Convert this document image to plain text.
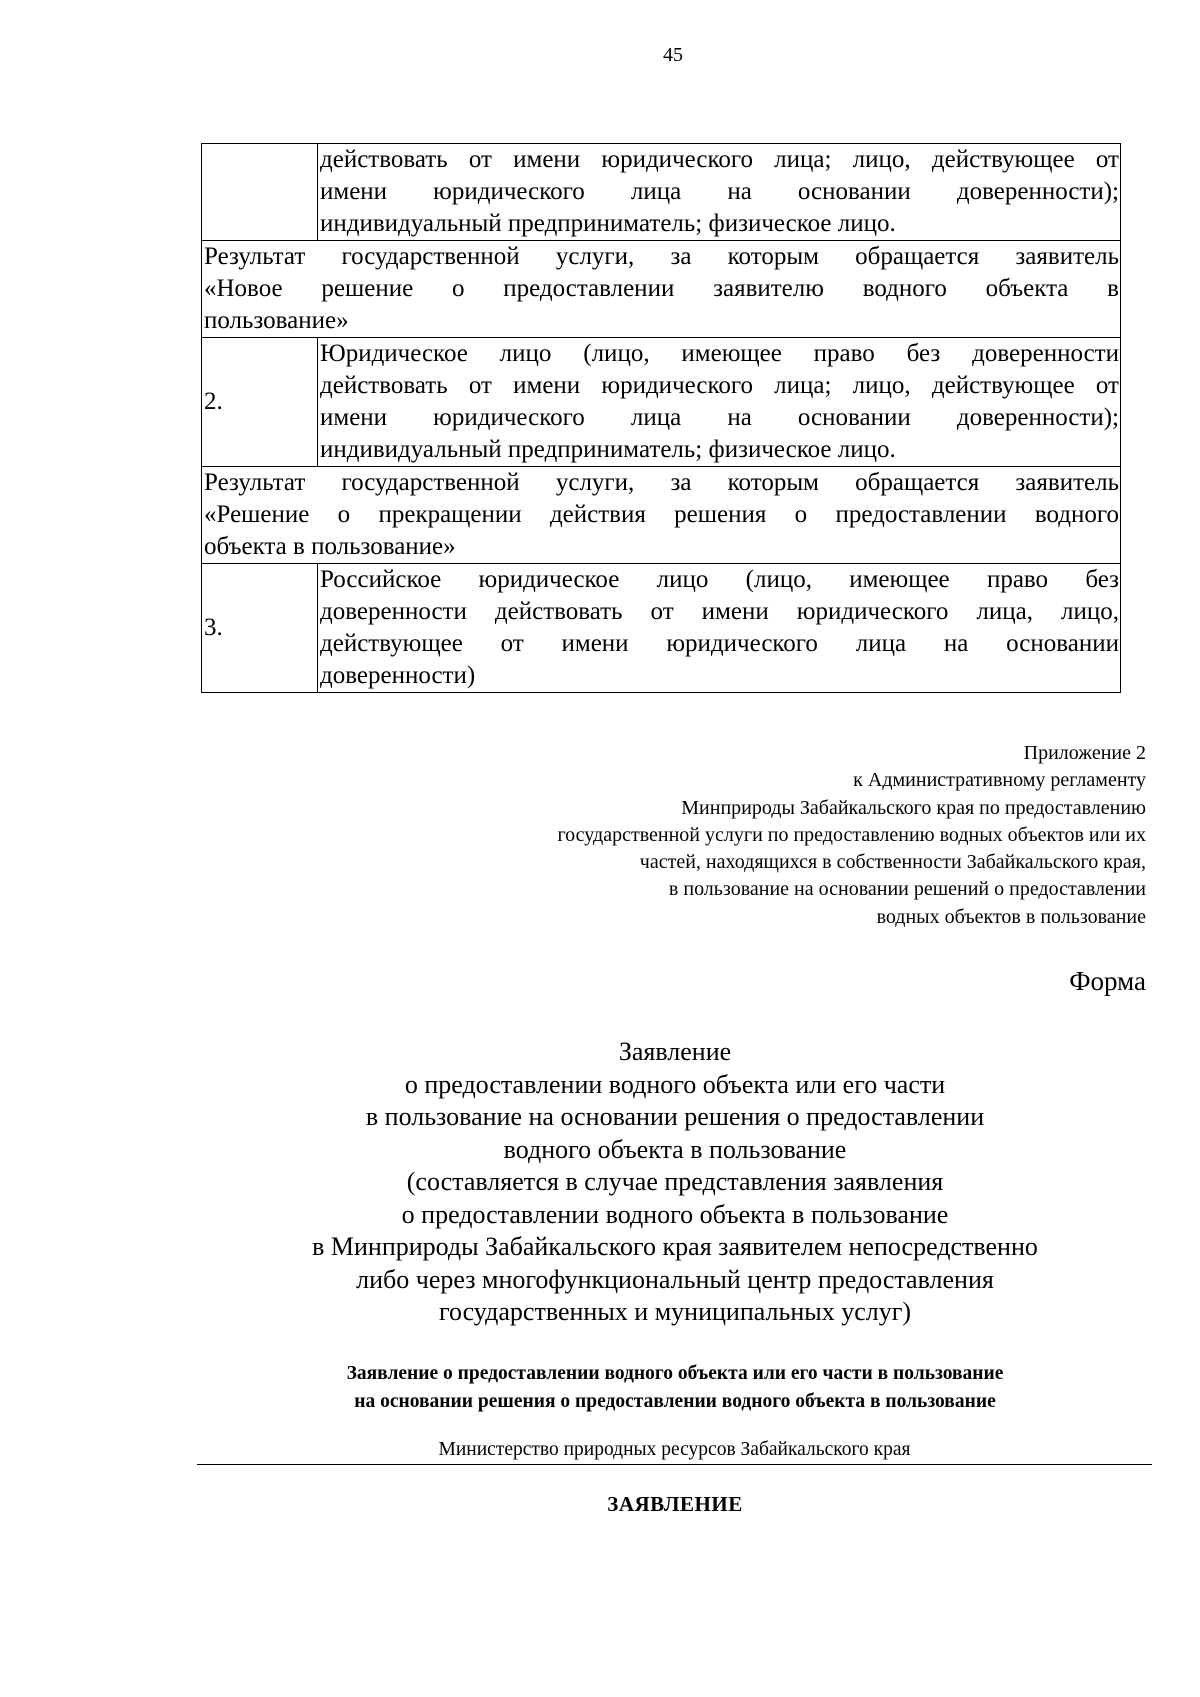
45

	действовать от имени юридического лица; лицо, действующее от
имени юридического лица на основании доверенности);
индивидуальный предприниматель; физическое лицо.

Результат государственной услуги, за которым обращается заявитель
«Новое решение о предоставлении заявителю водного объекта в
пользование»	

2.	Юридическое лицо (лицо, имеющее право без доверенности
действовать от имени юридического лица; лицо, действующее от
имени юридического лица на основании доверенности);
индивидуальный предприниматель; физическое лицо.

Результат государственной услуги, за которым обращается заявитель
«Решение о прекращении действия решения о предоставлении водного
объекта в пользование»	

3.	Российское юридическое лицо (лицо, имеющее право без
доверенности действовать от имени юридического лица, лицо,
действующее от имени юридического лица на основании
доверенности)
Приложение 2
к Административному регламенту
Минприроды Забайкальского края по предоставлению
государственной услуги по предоставлению водных объектов или их
частей, находящихся в собственности Забайкальского края,
в пользование на основании решений о предоставлении
водных объектов в пользование
Форма
Заявление
о предоставлении водного объекта или его части
в пользование на основании решения о предоставлении
водного объекта в пользование
(составляется в случае представления заявления
о предоставлении водного объекта в пользование
в Минприроды Забайкальского края заявителем непосредственно
либо через многофункциональный центр предоставления
государственных и муниципальных услуг)
Заявление о предоставлении водного объекта или его части в пользование
на основании решения о предоставлении водного объекта в пользование
Министерство природных ресурсов Забайкальского края
ЗАЯВЛЕНИЕ
